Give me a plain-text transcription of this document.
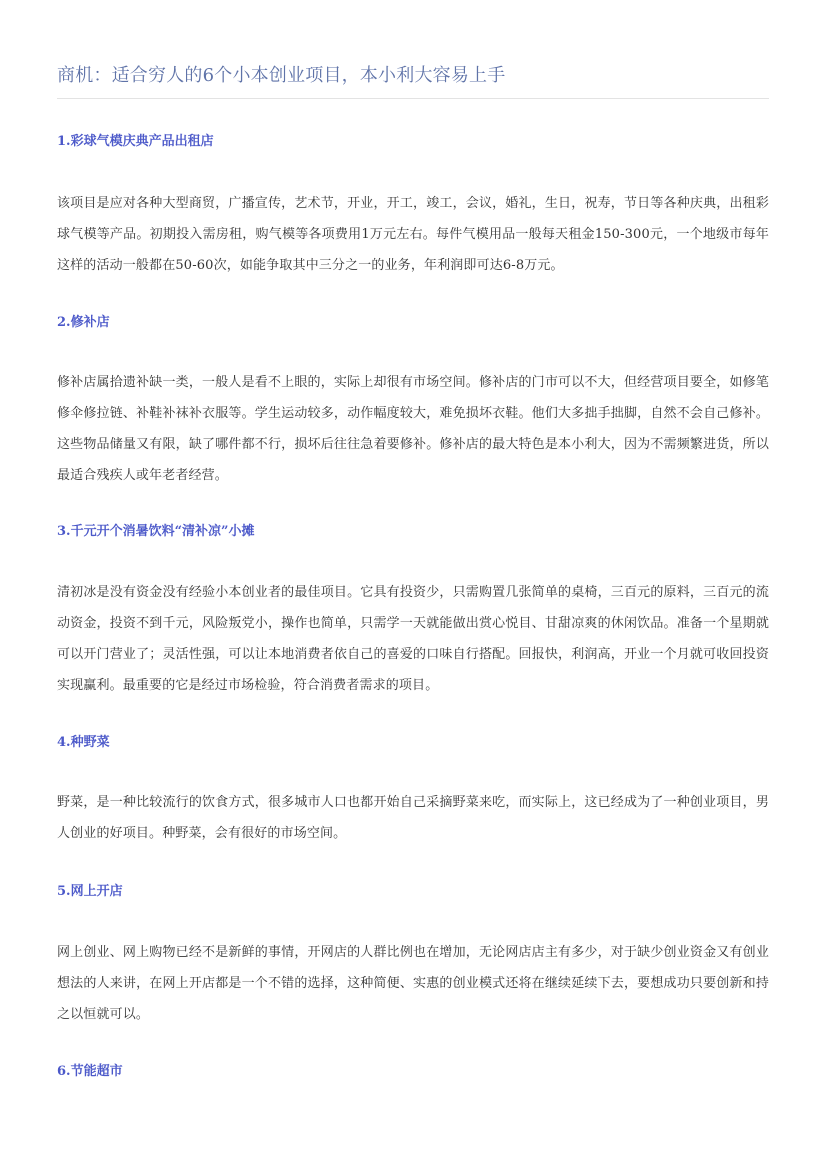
商机：适合穷人的6个小本创业项目，本小利大容易上手
1.彩球气模庆典产品出租店
该项目是应对各种大型商贸，广播宣传，艺术节，开业，开工，竣工，会议，婚礼，生日，祝寿，节日等各种庆典，出租彩球气模等产品。初期投入需房租，购气模等各项费用1万元左右。每件气模用品一般每天租金150-300元，一个地级市每年这样的活动一般都在50-60次，如能争取其中三分之一的业务，年利润即可达6-8万元。
2.修补店
修补店属拾遗补缺一类，一般人是看不上眼的，实际上却很有市场空间。修补店的门市可以不大，但经营项目要全，如修笔修伞修拉链、补鞋补袜补衣服等。学生运动较多，动作幅度较大，难免损坏衣鞋。他们大多拙手拙脚，自然不会自己修补。这些物品储量又有限，缺了哪件都不行，损坏后往往急着要修补。修补店的最大特色是本小利大，因为不需频繁进货，所以最适合残疾人或年老者经营。
3.千元开个消暑饮料“清补凉”小摊
清初冰是没有资金没有经验小本创业者的最佳项目。它具有投资少，只需购置几张简单的桌椅，三百元的原料，三百元的流动资金，投资不到千元，风险叛党小，操作也简单，只需学一天就能做出赏心悦目、甘甜凉爽的休闲饮品。准备一个星期就可以开门营业了；灵活性强，可以让本地消费者依自己的喜爱的口味自行搭配。回报快，利润高，开业一个月就可收回投资实现赢利。最重要的它是经过市场检验，符合消费者需求的项目。
4.种野菜
野菜，是一种比较流行的饮食方式，很多城市人口也都开始自己采摘野菜来吃，而实际上，这已经成为了一种创业项目，男人创业的好项目。种野菜，会有很好的市场空间。
5.网上开店
网上创业、网上购物已经不是新鲜的事情，开网店的人群比例也在增加，无论网店店主有多少，对于缺少创业资金又有创业想法的人来讲，在网上开店都是一个不错的选择，这种简便、实惠的创业模式还将在继续延续下去，要想成功只要创新和持之以恒就可以。
6.节能超市
